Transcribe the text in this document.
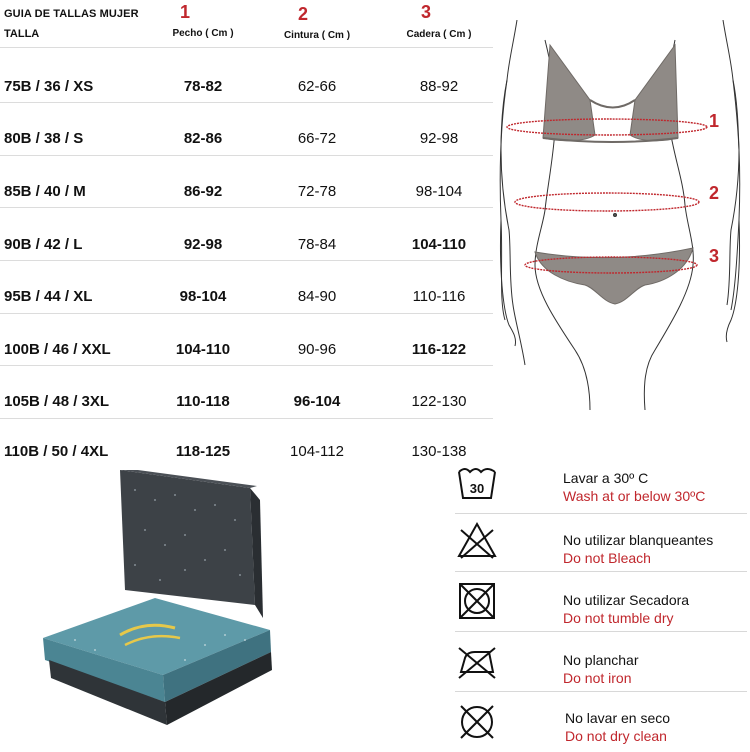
GUIA DE TALLAS MUJER
TALLA
1
Pecho ( Cm )
2
Cintura ( Cm )
3
Cadera ( Cm )
75B / 36 / XS	78-82	62-66	88-92
80B / 38 / S	82-86	66-72	92-98
85B / 40 / M	86-92	72-78	98-104
90B / 42 / L	92-98	78-84	104-110
95B / 44 / XL	98-104	84-90	110-116
100B / 46 / XXL	104-110	90-96	116-122
105B / 48 / 3XL	110-118	96-104	122-130
110B / 50 / 4XL	118-125	104-112	130-138
1
2
3
30
Lavar a 30º C
Wash at or below 30ºC
No utilizar blanqueantes
Do not Bleach
No utilizar Secadora
Do not tumble dry
No planchar
Do not iron
No lavar en seco
Do not dry clean
